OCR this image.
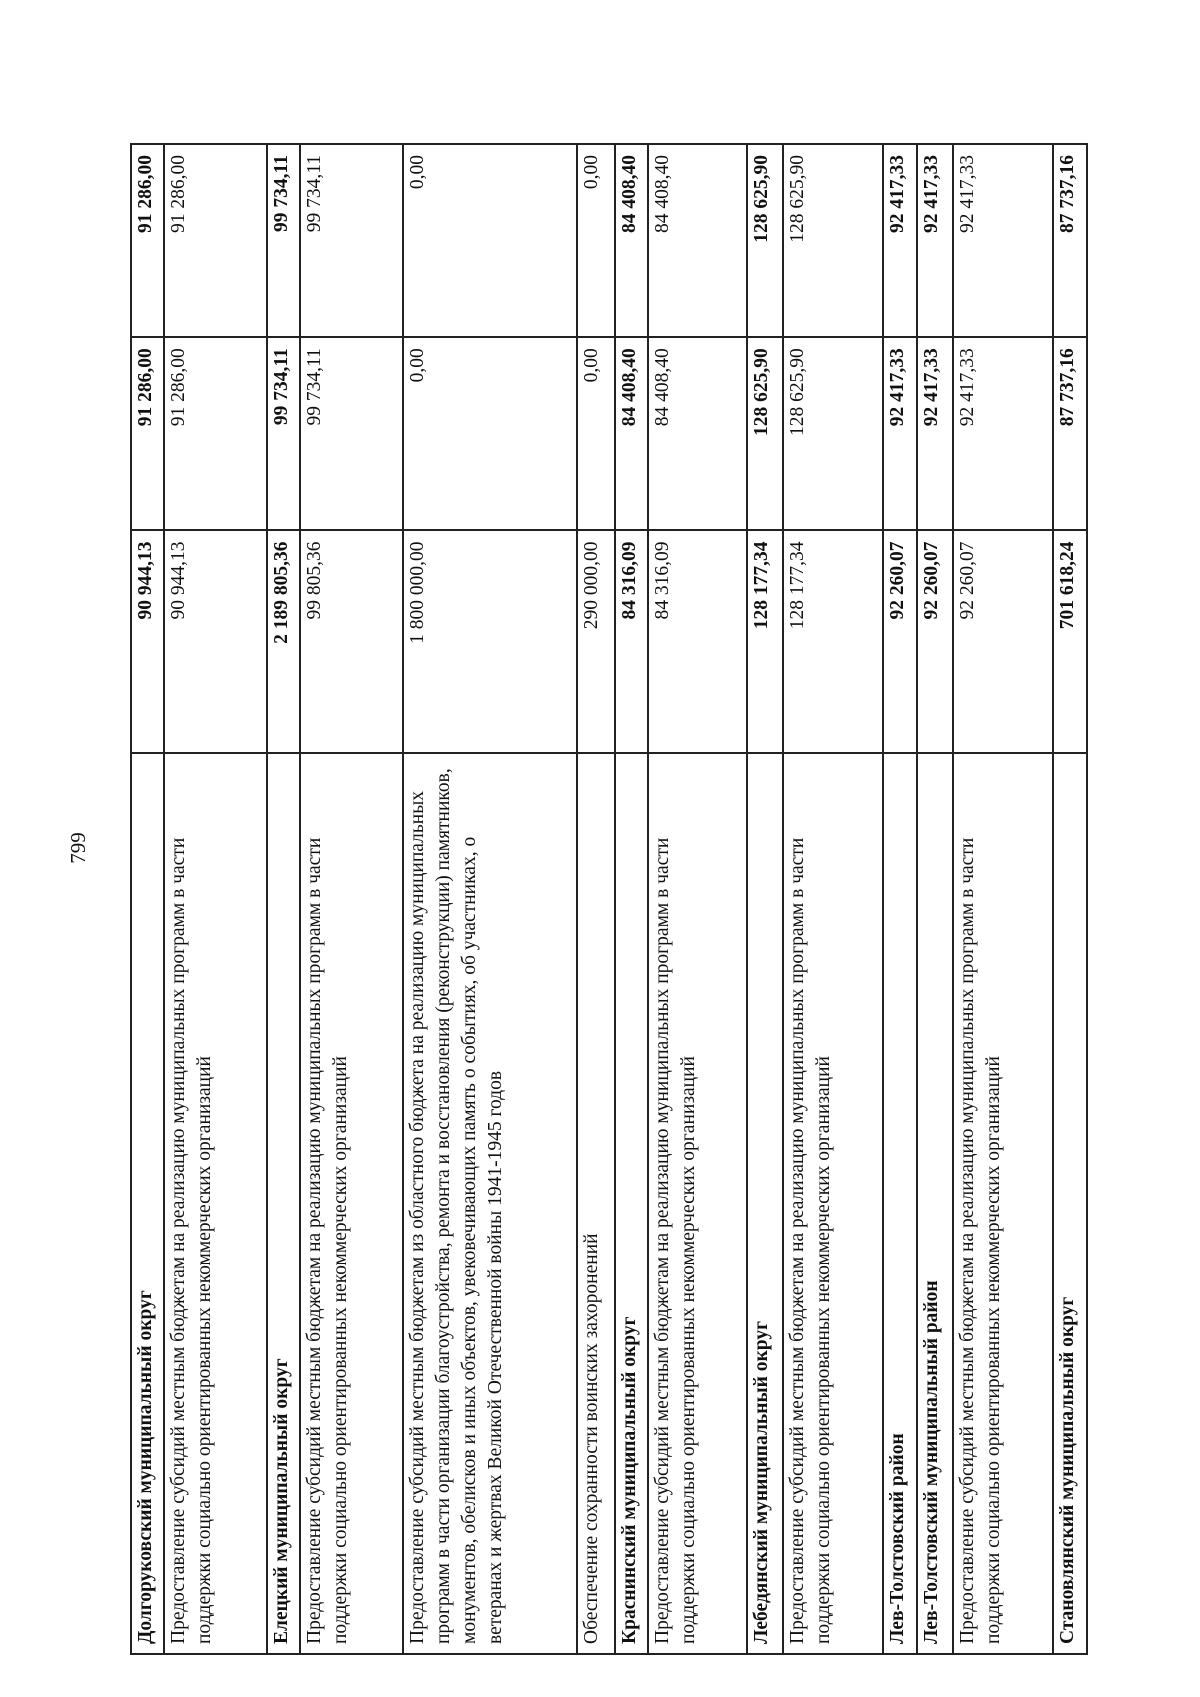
799
Долгоруковский муниципальный округ	90 944,13	91 286,00	91 286,00
Предоставление субсидий местным бюджетам на реализацию муниципальных программ в части поддержки социально ориентированных некоммерческих организаций	90 944,13	91 286,00	91 286,00
Елецкий муниципальный округ	2 189 805,36	99 734,11	99 734,11
Предоставление субсидий местным бюджетам на реализацию муниципальных программ в части поддержки социально ориентированных некоммерческих организаций	99 805,36	99 734,11	99 734,11
Предоставление субсидий местным бюджетам из областного бюджета на реализацию муниципальных программ в части организации благоустройства, ремонта и восстановления (реконструкции) памятников, монументов, обелисков и иных объектов, увековечивающих память о событиях, об участниках, о ветеранах и жертвах Великой Отечественной войны 1941-1945 годов	1 800 000,00	0,00	0,00
Обеспечение сохранности воинских захоронений	290 000,00	0,00	0,00
Краснинский муниципальный округ	84 316,09	84 408,40	84 408,40
Предоставление субсидий местным бюджетам на реализацию муниципальных программ в части поддержки социально ориентированных некоммерческих организаций	84 316,09	84 408,40	84 408,40
Лебедянский муниципальный округ	128 177,34	128 625,90	128 625,90
Предоставление субсидий местным бюджетам на реализацию муниципальных программ в части поддержки социально ориентированных некоммерческих организаций	128 177,34	128 625,90	128 625,90
Лев-Толстовский район	92 260,07	92 417,33	92 417,33
Лев-Толстовский муниципальный район	92 260,07	92 417,33	92 417,33
Предоставление субсидий местным бюджетам на реализацию муниципальных программ в части поддержки социально ориентированных некоммерческих организаций	92 260,07	92 417,33	92 417,33
Становлянский муниципальный округ	701 618,24	87 737,16	87 737,16
